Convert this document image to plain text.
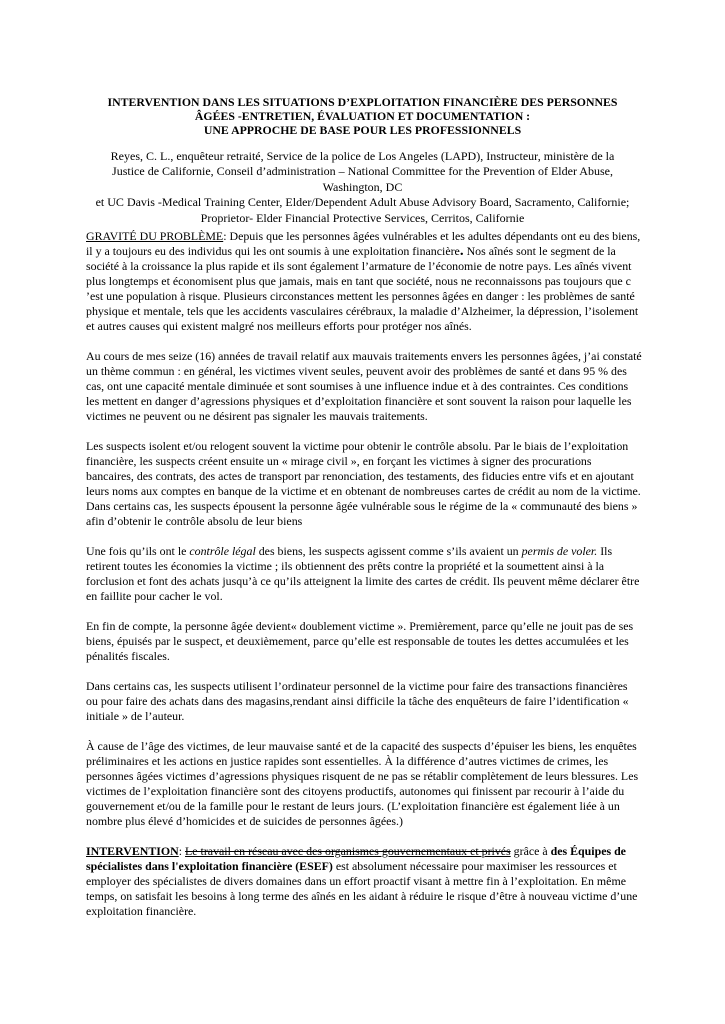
INTERVENTION DANS LES SITUATIONS D’EXPLOITATION FINANCIÈRE DES PERSONNES
ÂGÉES -ENTRETIEN, ÉVALUATION ET DOCUMENTATION :
UNE APPROCHE DE BASE POUR LES PROFESSIONNELS
Reyes, C. L., enquêteur retraité, Service de la police de Los Angeles (LAPD), Instructeur, ministère de la
Justice de Californie, Conseil d’administration – National Committee for the Prevention of Elder Abuse,
Washington, DC
et UC Davis -Medical Training Center, Elder/Dependent Adult Abuse Advisory Board, Sacramento, Californie;
Proprietor- Elder Financial Protective Services, Cerritos, Californie

GRAVITÉ DU PROBLÈME: Depuis que les personnes âgées vulnérables et les adultes dépendants ont eu des biens, il y a toujours eu des individus qui les ont soumis à une exploitation financière. Nos aînés sont le segment de la société à la croissance la plus rapide et ils sont également l’armature de l’économie de notre pays. Les aînés vivent plus longtemps et économisent plus que jamais, mais en tant que société, nous ne reconnaissons pas toujours que c ’est une population à risque. Plusieurs circonstances mettent les personnes âgées en danger : les problèmes de santé physique et mentale, tels que les accidents vasculaires cérébraux, la maladie d’Alzheimer, la dépression, l’isolement et autres causes qui existent malgré nos meilleurs efforts pour protéger nos aînés.

Au cours de mes seize (16) années de travail relatif aux mauvais traitements envers les personnes âgées, j’ai constaté un thème commun : en général, les victimes vivent seules, peuvent avoir des problèmes de santé et dans 95 % des cas, ont une capacité mentale diminuée et sont soumises à une influence indue et à des contraintes. Ces conditions les mettent en danger d’agressions physiques et d’exploitation financière et sont souvent la raison pour laquelle les victimes ne peuvent ou ne désirent pas signaler les mauvais traitements.

Les suspects isolent et/ou relogent souvent la victime pour obtenir le contrôle absolu. Par le biais de l’exploitation financière, les suspects créent ensuite un « mirage civil », en forçant les victimes à signer des procurations bancaires, des contrats, des actes de transport par renonciation, des testaments, des fiducies entre vifs et en ajoutant leurs noms aux comptes en banque de la victime et en obtenant de nombreuses cartes de crédit au nom de la victime. Dans certains cas, les suspects épousent la personne âgée vulnérable sous le régime de la « communauté des biens » afin d’obtenir le contrôle absolu de leur biens

Une fois qu’ils ont le contrôle légal des biens, les suspects agissent comme s’ils avaient un permis de voler. Ils retirent toutes les économies la victime ; ils obtiennent des prêts contre la propriété et la soumettent ainsi à la forclusion et font des achats jusqu’à ce qu’ils atteignent la limite des cartes de crédit. Ils peuvent même déclarer être en faillite pour cacher le vol.

En fin de compte, la personne âgée devient« doublement victime ». Premièrement, parce qu’elle ne jouit pas de ses biens, épuisés par le suspect, et deuxièmement, parce qu’elle est responsable de toutes les dettes accumulées et les pénalités fiscales.

Dans certains cas, les suspects utilisent l’ordinateur personnel de la victime pour faire des transactions financières ou pour faire des achats dans des magasins,rendant ainsi difficile la tâche des enquêteurs de faire l’identification « initiale » de l’auteur.

À cause de l’âge des victimes, de leur mauvaise santé et de la capacité des suspects d’épuiser les biens, les enquêtes préliminaires et les actions en justice rapides sont essentielles. À la différence d’autres victimes de crimes, les personnes âgées victimes d’agressions physiques risquent de ne pas se rétablir complètement de leurs blessures. Les victimes de l’exploitation financière sont des citoyens productifs, autonomes qui finissent par recourir à l’aide du gouvernement et/ou de la famille pour le restant de leurs jours. (L’exploitation financière est également liée à un nombre plus élevé d’homicides et de suicides de personnes âgées.)

INTERVENTION: Le travail en réseau avec des organismes gouvernementaux et privés grâce à des Équipes de spécialistes dans l'exploitation financière (ESEF) est absolument nécessaire pour maximiser les ressources et employer des spécialistes de divers domaines dans un effort proactif visant à mettre fin à l’exploitation. En même temps, on satisfait les besoins à long terme des aînés en les aidant à réduire le risque d’être à nouveau victime d’une exploitation financière.
